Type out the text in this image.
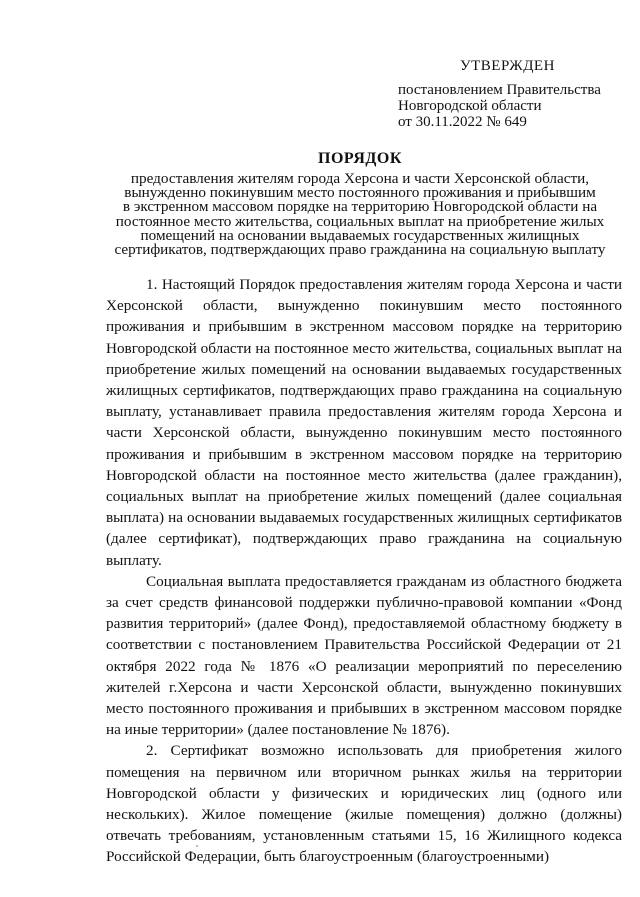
УТВЕРЖДЕН
постановлением Правительства
Новгородской области
от 30.11.2022 № 649
ПОРЯДОК
предоставления жителям города Херсона и части Херсонской области,
вынужденно покинувшим место постоянного проживания и прибывшим
в экстренном массовом порядке на территорию Новгородской области на
постоянное место жительства, социальных выплат на приобретение жилых
помещений на основании выдаваемых государственных жилищных
сертификатов, подтверждающих право гражданина на социальную выплату

1. Настоящий Порядок предоставления жителям города Херсона и части Херсонской области, вынужденно покинувшим место постоянного проживания и прибывшим в экстренном массовом порядке на территорию Новгородской области на постоянное место жительства, социальных выплат на приобретение жилых помещений на основании выдаваемых государственных жилищных сертификатов, подтверждающих право гражданина на социальную выплату, устанавливает правила предоставления жителям города Херсона и части Херсонской области, вынужденно покинувшим место постоянного проживания и прибывшим в экстренном массовом порядке на территорию Новгородской области на постоянное место жительства (далее гражданин), социальных выплат на приобретение жилых помещений (далее социальная выплата) на основании выдаваемых государственных жилищных сертификатов (далее сертификат), подтверждающих право гражданина на социальную выплату.

Социальная выплата предоставляется гражданам из областного бюджета за счет средств финансовой поддержки публично-правовой компании «Фонд развития территорий» (далее Фонд), предоставляемой областному бюджету в соответствии с постановлением Правительства Российской Федерации от 21 октября 2022 года № 1876 «О реализации мероприятий по переселению жителей г.Херсона и части Херсонской области, вынужденно покинувших место постоянного проживания и прибывших в экстренном массовом порядке на иные территории» (далее постановление № 1876).

2. Сертификат возможно использовать для приобретения жилого помещения на первичном или вторичном рынках жилья на территории Новгородской области у физических и юридических лиц (одного или нескольких). Жилое помещение (жилые помещения) должно (должны) отвечать требованиям, установленным статьями 15, 16 Жилищного кодекса Российской Федерации, быть благоустроенным (благоустроенными)
